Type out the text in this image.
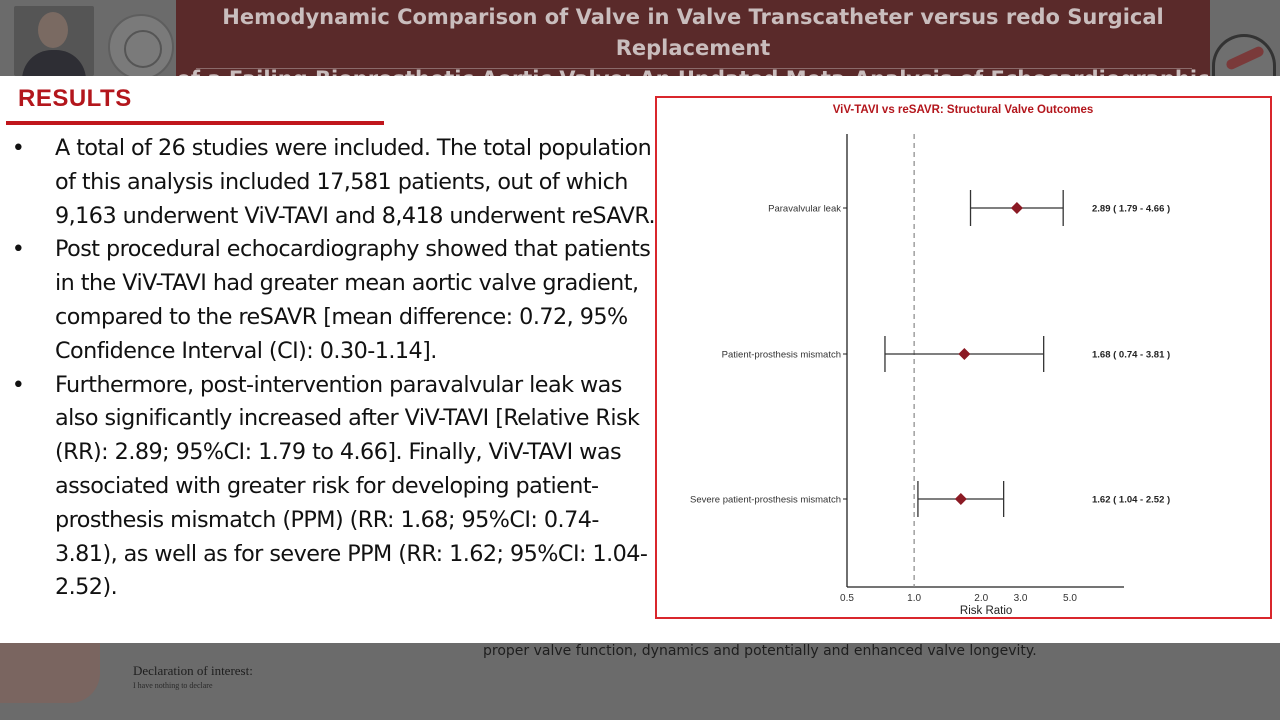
Hemodynamic Comparison of Valve in Valve Transcatheter versus redo Surgical Replacement
RESULTS
• A total of 26 studies were included. The total population of this analysis included 17,581 patients, out of which 9,163 underwent ViV-TAVI and 8,418 underwent reSAVR.
• Post procedural echocardiography showed that patients in the ViV-TAVI had greater mean aortic valve gradient, compared to the reSAVR [mean difference: 0.72, 95% Confidence Interval (CI): 0.30-1.14].
• Furthermore, post-intervention paravalvular leak was also significantly increased after ViV-TAVI [Relative Risk (RR): 2.89; 95%CI: 1.79 to 4.66]. Finally, ViV-TAVI was associated with greater risk for developing patient-prosthesis mismatch (PPM) (RR: 1.68; 95%CI: 0.74-3.81), as well as for severe PPM (RR: 1.62; 95%CI: 1.04-2.52).
ViV-TAVI vs reSAVR: Structural Valve Outcomes
0.5	1.0	2.0	3.0	5.0
Risk Ratio
Paravalvular leak	2.89 ( 1.79 - 4.66 )
Patient-prosthesis mismatch	1.68 ( 0.74 - 3.81 )
Severe patient-prosthesis mismatch	1.62 ( 1.04 - 2.52 )
proper valve function, dynamics and potentially and enhanced valve longevity.
Declaration of interest:
I have nothing to declare
